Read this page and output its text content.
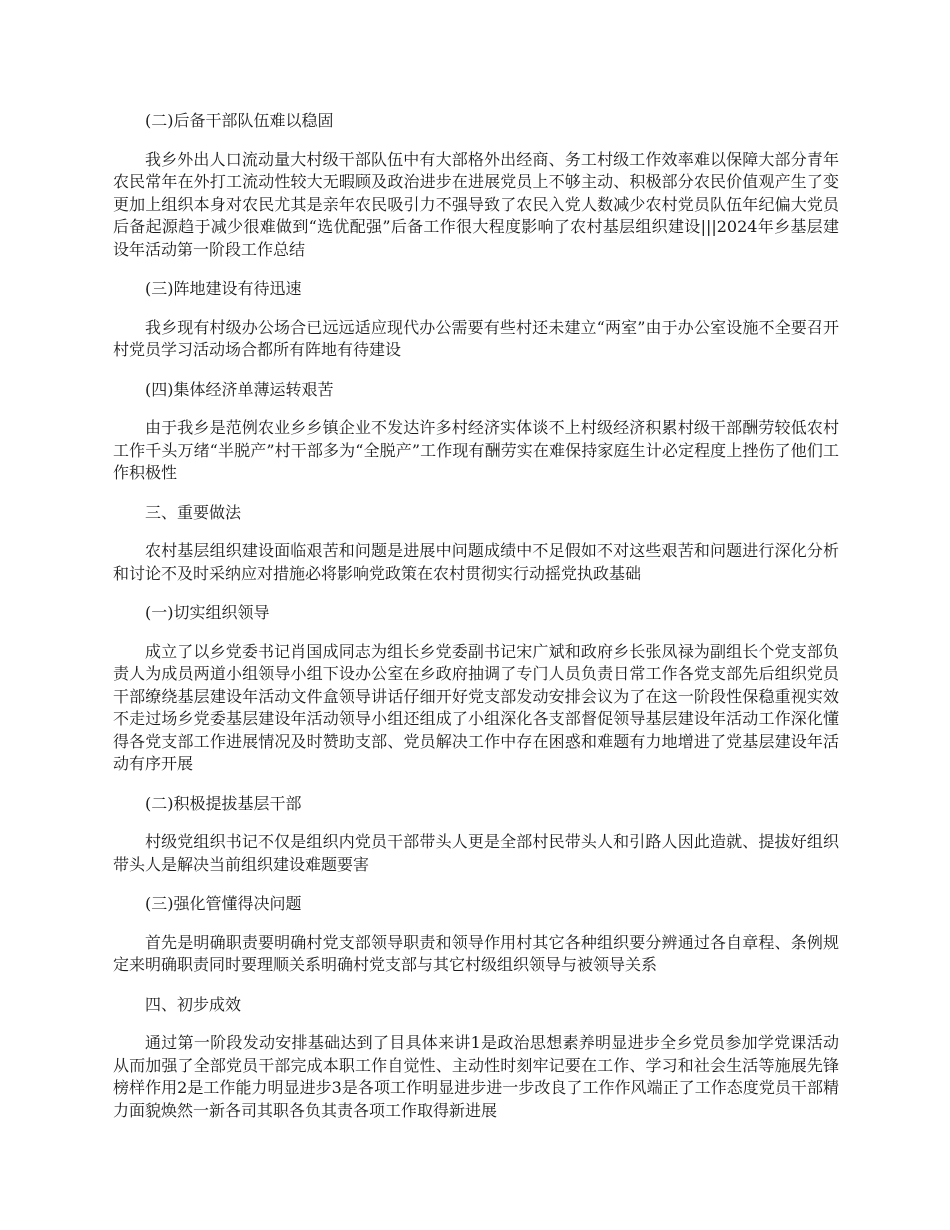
(二)后备干部队伍难以稳固

我乡外出人口流动量大村级干部队伍中有大部格外出经商、务工村级工作效率难以保障大部分青年农民常年在外打工流动性较大无暇顾及政治进步在进展党员上不够主动、积极部分农民价值观产生了变更加上组织本身对农民尤其是亲年农民吸引力不强导致了农民入党人数减少农村党员队伍年纪偏大党员后备起源趋于减少很难做到“选优配强”后备工作很大程度影响了农村基层组织建设|||2024年乡基层建设年活动第一阶段工作总结

(三)阵地建设有待迅速

我乡现有村级办公场合已远远适应现代办公需要有些村还未建立“两室”由于办公室设施不全要召开村党员学习活动场合都所有阵地有待建设

(四)集体经济单薄运转艰苦

由于我乡是范例农业乡乡镇企业不发达许多村经济实体谈不上村级经济积累村级干部酬劳较低农村工作千头万绪“半脱产”村干部多为“全脱产”工作现有酬劳实在难保持家庭生计必定程度上挫伤了他们工作积极性

三、重要做法

农村基层组织建设面临艰苦和问题是进展中问题成绩中不足假如不对这些艰苦和问题进行深化分析和讨论不及时采纳应对措施必将影响党政策在农村贯彻实行动摇党执政基础

(一)切实组织领导

成立了以乡党委书记肖国成同志为组长乡党委副书记宋广斌和政府乡长张凤禄为副组长个党支部负责人为成员两道小组领导小组下设办公室在乡政府抽调了专门人员负责日常工作各党支部先后组织党员干部缭绕基层建设年活动文件盒领导讲话仔细开好党支部发动安排会议为了在这一阶段性保稳重视实效不走过场乡党委基层建设年活动领导小组还组成了小组深化各支部督促领导基层建设年活动工作深化懂得各党支部工作进展情况及时赞助支部、党员解决工作中存在困惑和难题有力地增进了党基层建设年活动有序开展

(二)积极提拔基层干部

村级党组织书记不仅是组织内党员干部带头人更是全部村民带头人和引路人因此造就、提拔好组织带头人是解决当前组织建设难题要害

(三)强化管懂得决问题

首先是明确职责要明确村党支部领导职责和领导作用村其它各种组织要分辨通过各自章程、条例规定来明确职责同时要理顺关系明确村党支部与其它村级组织领导与被领导关系

四、初步成效

通过第一阶段发动安排基础达到了目具体来讲1是政治思想素养明显进步全乡党员参加学党课活动从而加强了全部党员干部完成本职工作自觉性、主动性时刻牢记要在工作、学习和社会生活等施展先锋榜样作用2是工作能力明显进步3是各项工作明显进步进一步改良了工作作风端正了工作态度党员干部精力面貌焕然一新各司其职各负其责各项工作取得新进展
